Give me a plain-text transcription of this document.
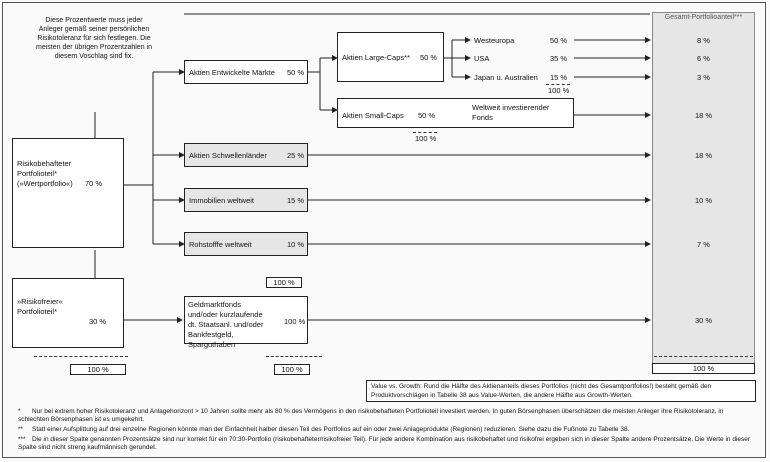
Diese Prozentwerte muss jeder Anleger gemäß seiner persönlichen Risikotoleranz für sich festlegen. Die meisten der übrigen Prozentzahlen in diesem Voschlag sind fix.
Risikobehafteter Portfolioteil* (»Wertportfolio«)	70 %
»Risikofreier« Portfolioteil*
30 %
Aktien Entwickelte Märkte 50 %
Aktien Large-Caps** 50 %
Westeuropa	50 %
USA	35 %
Japan u. Australien 15 %
100 %
Aktien Small-Caps 50 %
Weltweit investierender Fonds
100 %
Aktien Schwellenländer	25 %
Immobilien weltweit	15 %
Rohstofffe weltweit	10 %
100 %
Geldmarktfonds und/oder kurzlaufende dt. Staatsanl. und/oder Bankfestgeld, Sparguthaben
100 %
100 %	100 %
Gesamt-Portfolioanteil***
8 %
6 %
3 %
18 %
18 %
10 %
7 %
30 %
100 %
Value vs. Growth: Rund die Hälfte des Aktienanteils dieses Portfolios (nicht des Gesamtportfolios!) besteht gemäß den Produktvorschlägen in Tabelle 38 aus Value-Werten, die andere Hälfte aus Growth-Werten.
* Nur bei extrem hoher Risikotoleranz und Anlagehorizont > 10 Jahren sollte mehr als 80 % des Vermögens in den risikobehafteten Portfolioteil investiert werden. In guten Börsenphasen überschätzen die meisten Anleger ihre Risikotoleranz, in schlechten Börsenphasen ist es umgekehrt.
** Statt einer Aufsplittung auf drei einzelne Regionen könnte man der Einfachheit halber diesen Teil des Portfolios auf ein oder zwei Anlageprodukte (Regionen) reduzieren. Siehe dazu die Fußnote zu Tabelle 38.
*** Die in dieser Spalte genannten Prozentsätze sind nur korrekt für ein 70:30-Portfolio (risikobehafteter/risikofreier Teil). Für jede andere Kombination aus risikobehaftet und risikofrei ergeben sich in dieser Spalte andere Prozentsätze. Die Werte in dieser Spalte sind nicht streng kaufmännisch gerundet.
